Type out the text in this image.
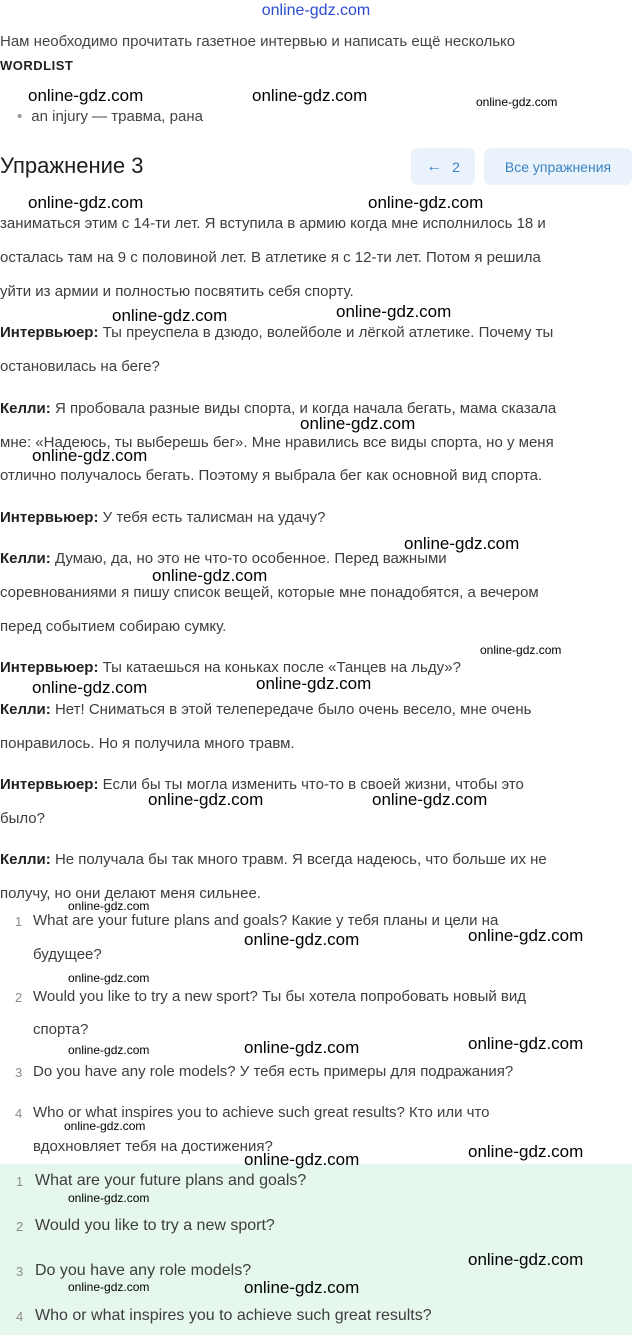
online-gdz.com
Нам необходимо прочитать газетное интервью и написать ещё несколько
WORDLIST
• an injury — травма, рана
Упражнение 3	← 2	Все упражнения
заниматься этим с 14-ти лет. Я вступила в армию когда мне исполнилось 18 и
осталась там на 9 с половиной лет. В атлетике я с 12-ти лет. Потом я решила
уйти из армии и полностью посвятить себя спорту.
Интервьюер: Ты преуспела в дзюдо, волейболе и лёгкой атлетике. Почему ты
остановилась на беге?
Келли: Я пробовала разные виды спорта, и когда начала бегать, мама сказала
мне: «Надеюсь, ты выберешь бег». Мне нравились все виды спорта, но у меня
отлично получалось бегать. Поэтому я выбрала бег как основной вид спорта.
Интервьюер: У тебя есть талисман на удачу?
Келли: Думаю, да, но это не что-то особенное. Перед важными
соревнованиями я пишу список вещей, которые мне понадобятся, а вечером
перед событием собираю сумку.
Интервьюер: Ты катаешься на коньках после «Танцев на льду»?
Келли: Нет! Сниматься в этой телепередаче было очень весело, мне очень
понравилось. Но я получила много травм.
Интервьюер: Если бы ты могла изменить что-то в своей жизни, чтобы это
было?
Келли: Не получала бы так много травм. Я всегда надеюсь, что больше их не
получу, но они делают меня сильнее.
1 What are your future plans and goals? Какие у тебя планы и цели на
будущее?
2 Would you like to try a new sport? Ты бы хотела попробовать новый вид
спорта?
3 Do you have any role models? У тебя есть примеры для подражания?
4 Who or what inspires you to achieve such great results? Кто или что
вдохновляет тебя на достижения?
1 What are your future plans and goals?
2 Would you like to try a new sport?
3 Do you have any role models?
4 Who or what inspires you to achieve such great results?
online-gdz.com	online-gdz.com	online-gdz.com
online-gdz.com	online-gdz.com
online-gdz.com	online-gdz.com
online-gdz.com
online-gdz.com
online-gdz.com
online-gdz.com
online-gdz.com
online-gdz.com	online-gdz.com
online-gdz.com	online-gdz.com
online-gdz.com
online-gdz.com	online-gdz.com
online-gdz.com
online-gdz.com	online-gdz.com	online-gdz.com
online-gdz.com
online-gdz.com	online-gdz.com
online-gdz.com
online-gdz.com
online-gdz.com	online-gdz.com
